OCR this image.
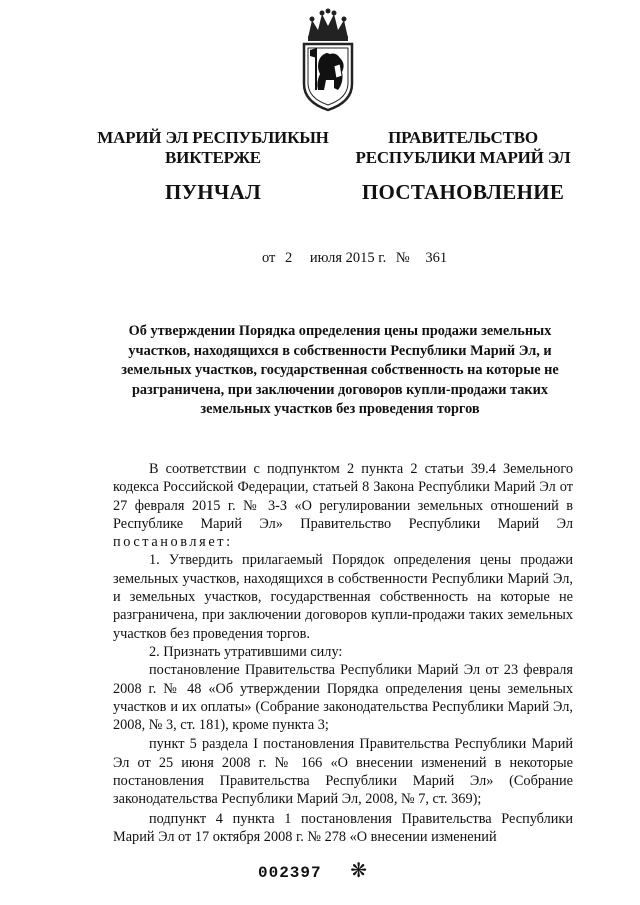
МАРИЙ ЭЛ РЕСПУБЛИКЫН
ВИКТЕРЖЕ
ПУНЧАЛ
ПРАВИТЕЛЬСТВО
РЕСПУБЛИКИ МАРИЙ ЭЛ
ПОСТАНОВЛЕНИЕ
от 2 июля 2015 г. № 361
Об утверждении Порядка определения цены продажи земельных участков, находящихся в собственности Республики Марий Эл, и земельных участков, государственная собственность на которые не разграничена, при заключении договоров купли-продажи таких земельных участков без проведения торгов

В соответствии с подпунктом 2 пункта 2 статьи 39.4 Земельного кодекса Российской Федерации, статьей 8 Закона Республики Марий Эл от 27 февраля 2015 г. № 3-З «О регулировании земельных отношений в Республике Марий Эл» Правительство Республики Марий Эл постановляет:

1. Утвердить прилагаемый Порядок определения цены продажи земельных участков, находящихся в собственности Республики Марий Эл, и земельных участков, государственная собственность на которые не разграничена, при заключении договоров купли-продажи таких земельных участков без проведения торгов.

2. Признать утратившими силу:

постановление Правительства Республики Марий Эл от 23 февраля 2008 г. № 48 «Об утверждении Порядка определения цены земельных участков и их оплаты» (Собрание законодательства Республики Марий Эл, 2008, № 3, ст. 181), кроме пункта 3;

пункт 5 раздела I постановления Правительства Республики Марий Эл от 25 июня 2008 г. № 166 «О внесении изменений в некоторые постановления Правительства Республики Марий Эл» (Собрание законодательства Республики Марий Эл, 2008, № 7, ст. 369);

подпункт 4 пункта 1 постановления Правительства Республики Марий Эл от 17 октября 2008 г. № 278 «О внесении изменений

002397 ❋
